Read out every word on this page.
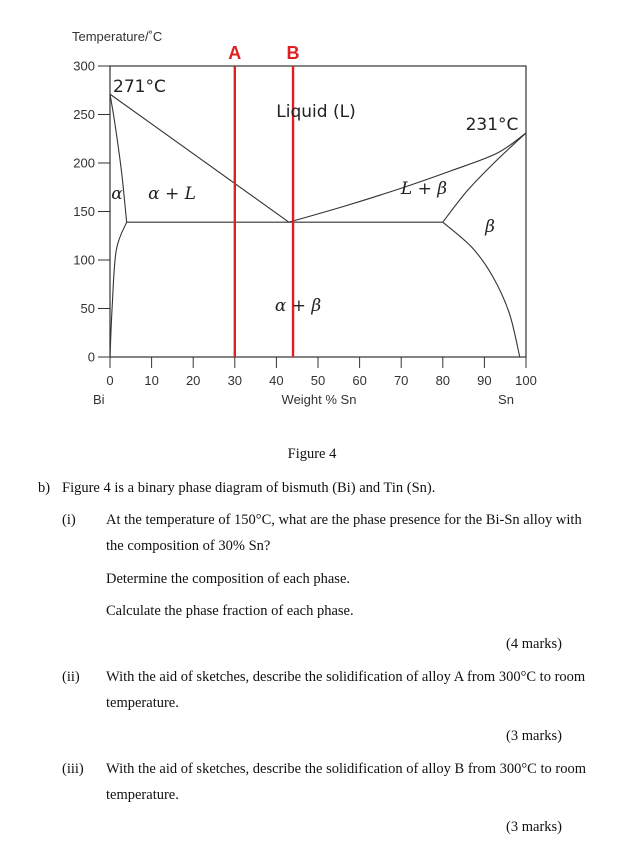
Temperature/˚C
0
50
100
150
200
250
300
0 10 20 30 40 50 60 70 80 90 100
A	B
271°C
231°C
Liquid (L)
α + L	L + β
α
β
α + β
Bi	Weight % Sn	Sn

Figure 4

b) Figure 4 is a binary phase diagram of bismuth (Bi) and Tin (Sn).

(i) At the temperature of 150°C, what are the phase presence for the Bi-Sn alloy with

the composition of 30% Sn?

Determine the composition of each phase.

Calculate the phase fraction of each phase.

(4 marks)

(ii) With the aid of sketches, describe the solidification of alloy A from 300°C to room

temperature.

(3 marks)

(iii) With the aid of sketches, describe the solidification of alloy B from 300°C to room

temperature.

(3 marks)
